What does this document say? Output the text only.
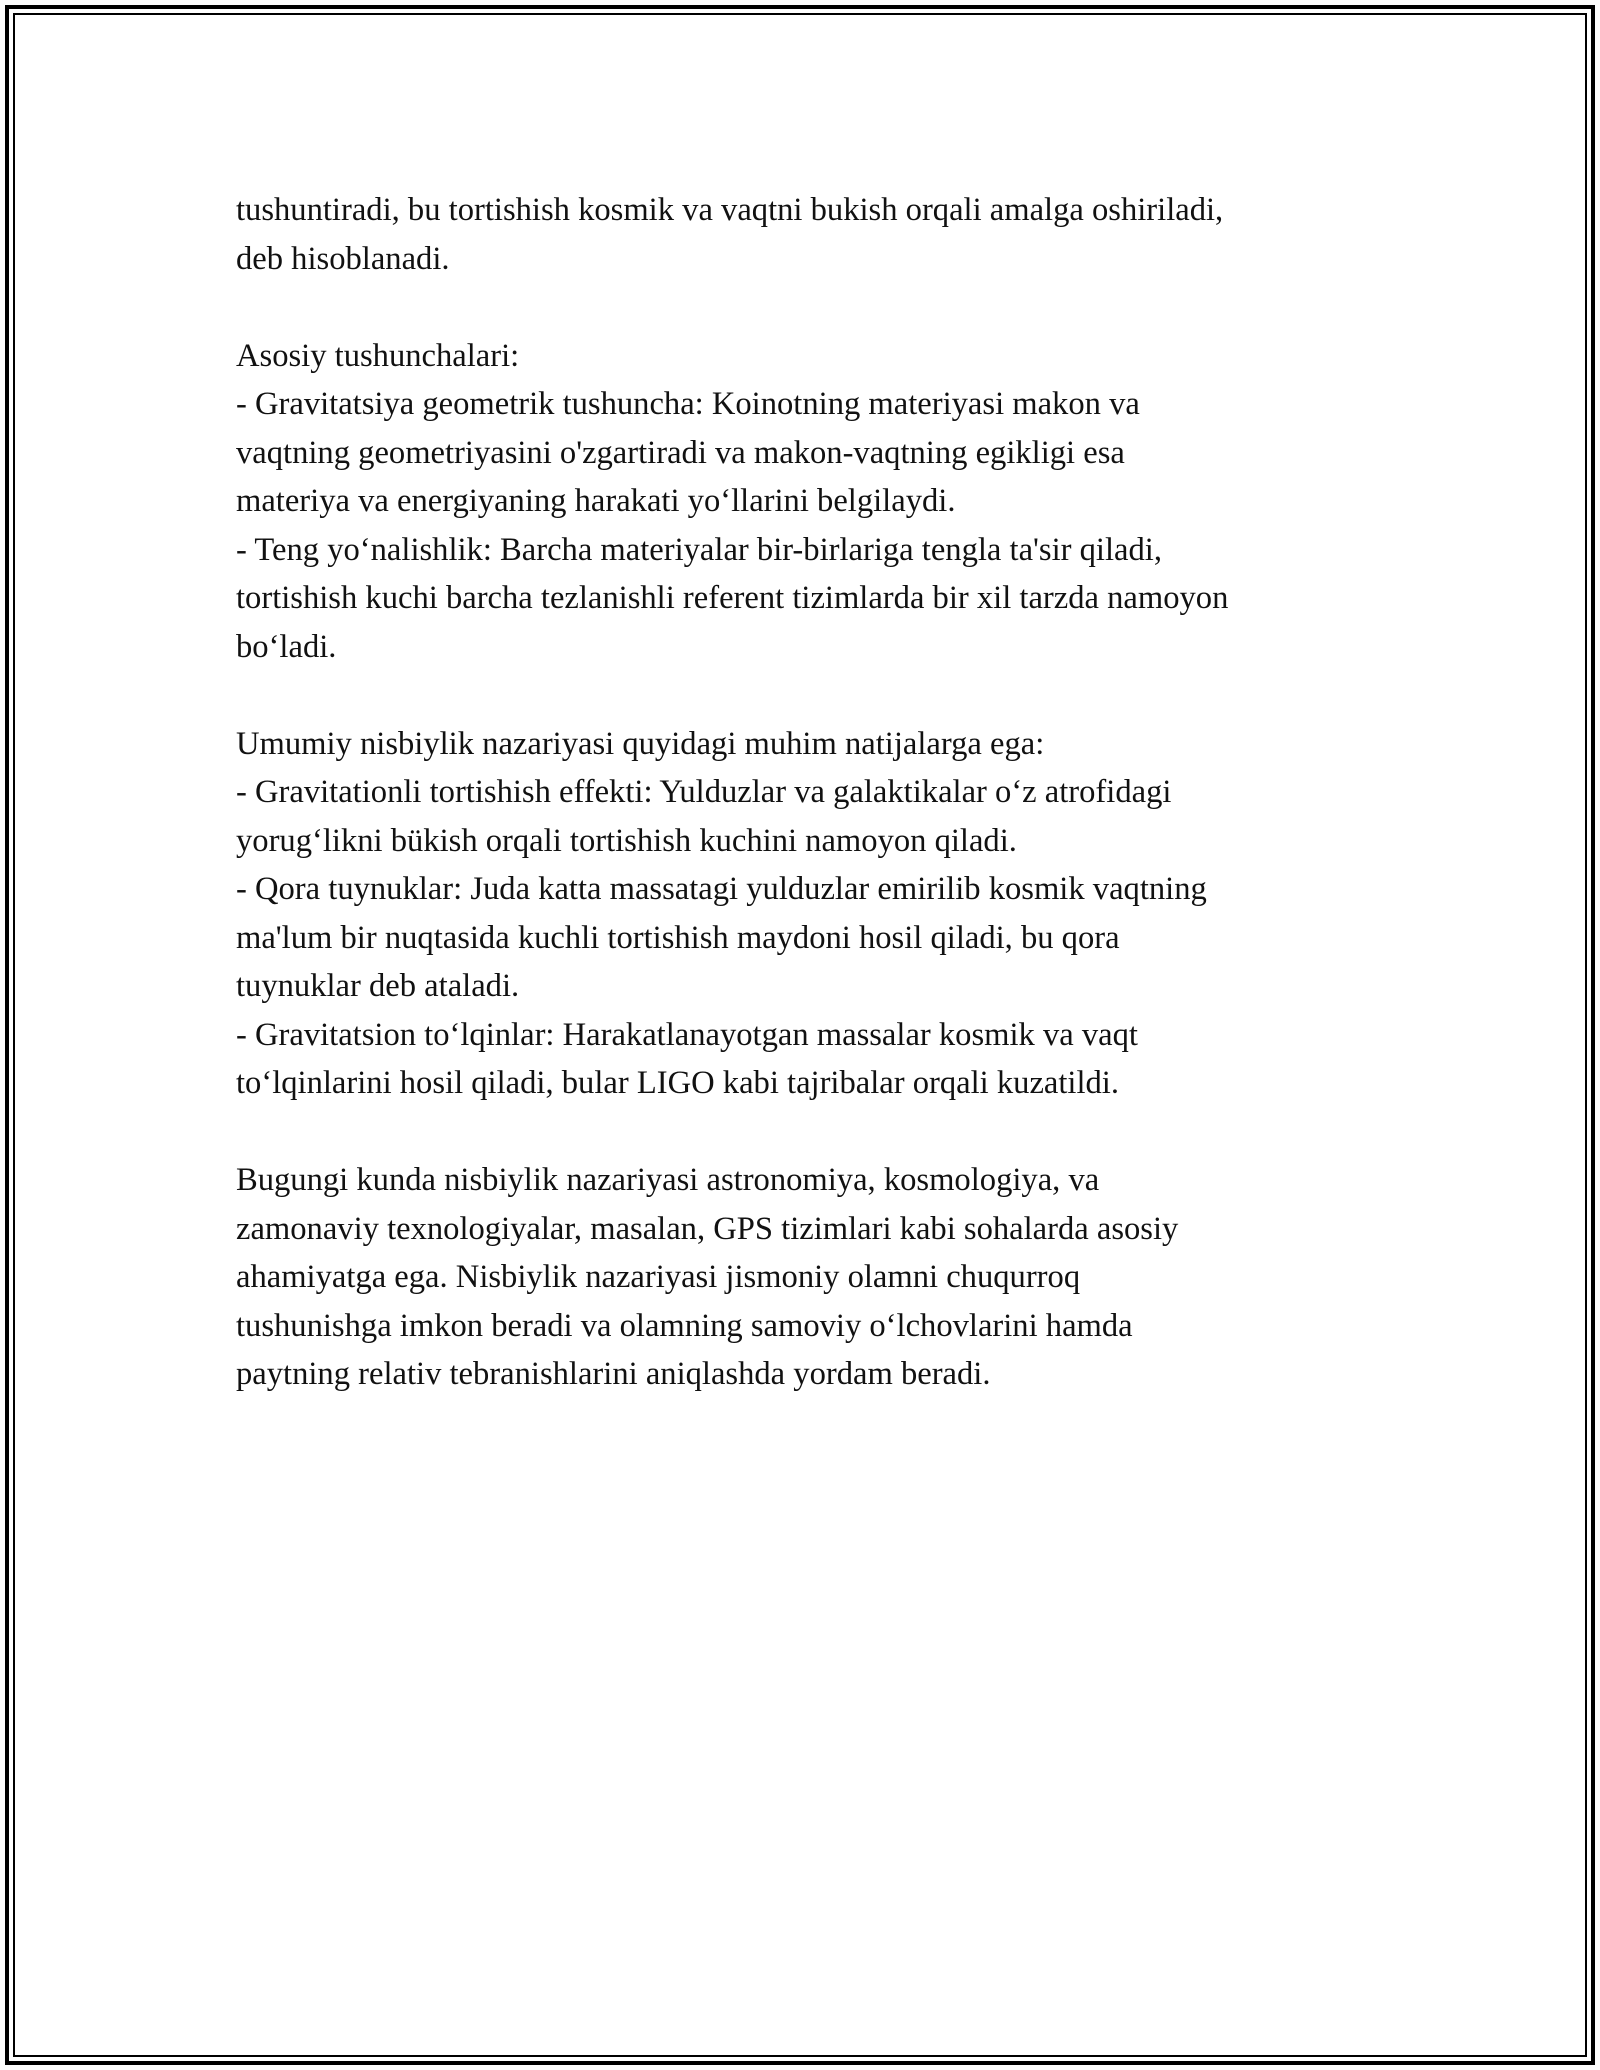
tushuntiradi, bu tortishish kosmik va vaqtni bukish orqali amalga oshiriladi,
deb hisoblanadi.

Asosiy tushunchalari:
- Gravitatsiya geometrik tushuncha: Koinotning materiyasi makon va
vaqtning geometriyasini o'zgartiradi va makon-vaqtning egikligi esa
materiya va energiyaning harakati yo‘llarini belgilaydi.
- Teng yo‘nalishlik: Barcha materiyalar bir-birlariga tengla ta'sir qiladi,
tortishish kuchi barcha tezlanishli referent tizimlarda bir xil tarzda namoyon
bo‘ladi.

Umumiy nisbiylik nazariyasi quyidagi muhim natijalarga ega:
- Gravitationli tortishish effekti: Yulduzlar va galaktikalar o‘z atrofidagi
yorug‘likni bükish orqali tortishish kuchini namoyon qiladi.
- Qora tuynuklar: Juda katta massatagi yulduzlar emirilib kosmik vaqtning
ma'lum bir nuqtasida kuchli tortishish maydoni hosil qiladi, bu qora
tuynuklar deb ataladi.
- Gravitatsion to‘lqinlar: Harakatlanayotgan massalar kosmik va vaqt
to‘lqinlarini hosil qiladi, bular LIGO kabi tajribalar orqali kuzatildi.

Bugungi kunda nisbiylik nazariyasi astronomiya, kosmologiya, va
zamonaviy texnologiyalar, masalan, GPS tizimlari kabi sohalarda asosiy
ahamiyatga ega. Nisbiylik nazariyasi jismoniy olamni chuqurroq
tushunishga imkon beradi va olamning samoviy o‘lchovlarini hamda
paytning relativ tebranishlarini aniqlashda yordam beradi.
